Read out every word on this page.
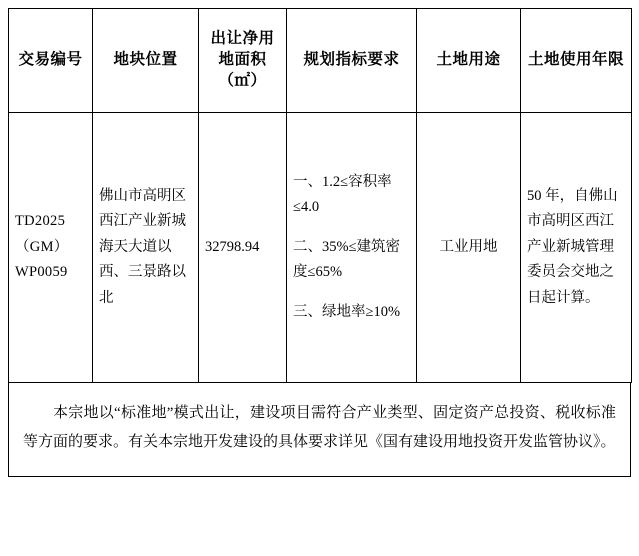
交易编号	地块位置	出让净用地面积（㎡）	规划指标要求	土地用途	土地使用年限
TD2025（GM）WP0059	佛山市高明区西江产业新城海天大道以西、三景路以北	32798.94	一、1.2≤容积率≤4.0

二、35%≤建筑密度≤65%

三、绿地率≥10%	工业用地	50 年，自佛山市高明区西江产业新城管理委员会交地之日起计算。

本宗地以“标准地”模式出让，建设项目需符合产业类型、固定资产总投资、税收标准等方面的要求。有关本宗地开发建设的具体要求详见《国有建设用地投资开发监管协议》。
